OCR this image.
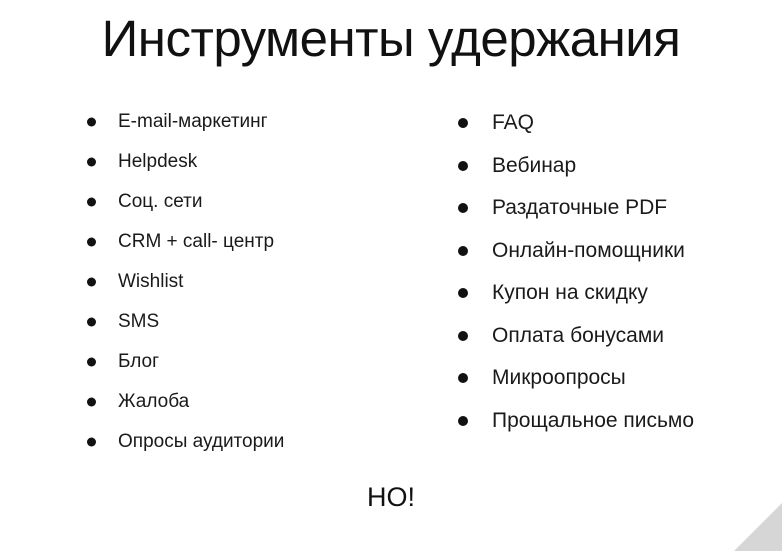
Инструменты удержания
E-mail-маркетинг
Helpdesk
Соц. сети
CRM + call- центр
Wishlist
SMS
Блог
Жалоба
Опросы аудитории
FAQ
Вебинар
Раздаточные PDF
Онлайн-помощники
Купон на скидку
Оплата бонусами
Микроопросы
Прощальное письмо
НО!
